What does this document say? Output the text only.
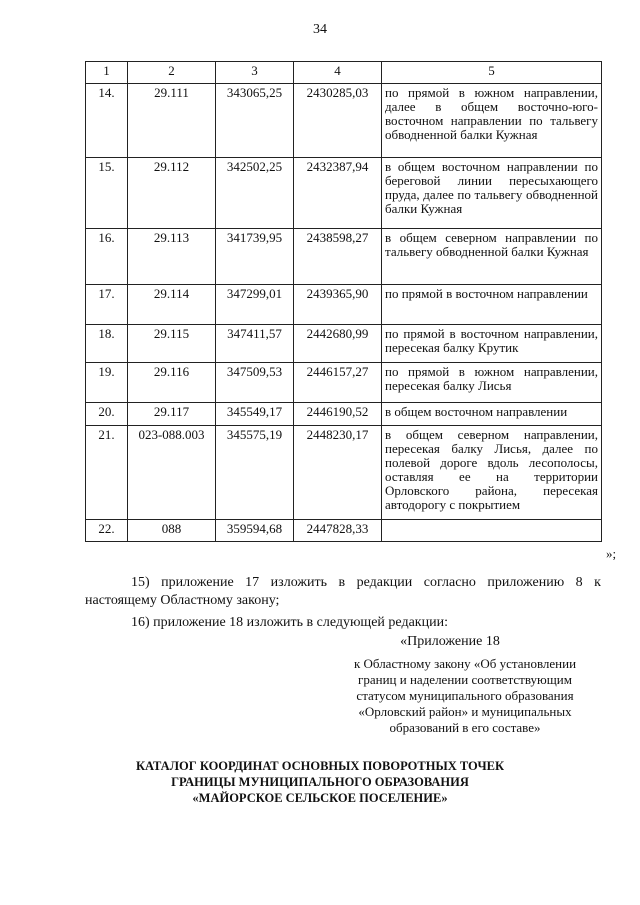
34
1	2	3	4	5
14.	29.111	343065,25	2430285,03	по прямой в южном направлении, далее в общем восточно-юго-восточном направлении по тальвегу обводненной балки Кужная
15.	29.112	342502,25	2432387,94	в общем восточном направлении по береговой линии пересыхающего пруда, далее по тальвегу обводненной балки Кужная
16.	29.113	341739,95	2438598,27	в общем северном направлении по тальвегу обводненной балки Кужная
17.	29.114	347299,01	2439365,90	по прямой в восточном направлении
18.	29.115	347411,57	2442680,99	по прямой в восточном направлении, пересекая балку Крутик
19.	29.116	347509,53	2446157,27	по прямой в южном направлении, пересекая балку Лисья
20.	29.117	345549,17	2446190,52	в общем восточном направлении
21.	023-088.003	345575,19	2448230,17	в общем северном направлении, пересекая балку Лисья, далее по полевой дороге вдоль лесополосы, оставляя ее на территории Орловского района, пересекая автодорогу с покрытием
22.	088	359594,68	2447828,33	
»;
15) приложение 17 изложить в редакции согласно приложению 8 к настоящему Областному закону;
16) приложение 18 изложить в следующей редакции:
«Приложение 18
к Областному закону «Об установлении
границ и наделении соответствующим
статусом муниципального образования
«Орловский район» и муниципальных
образований в его составе»
КАТАЛОГ КООРДИНАТ ОСНОВНЫХ ПОВОРОТНЫХ ТОЧЕК
ГРАНИЦЫ МУНИЦИПАЛЬНОГО ОБРАЗОВАНИЯ
«МАЙОРСКОЕ СЕЛЬСКОЕ ПОСЕЛЕНИЕ»
